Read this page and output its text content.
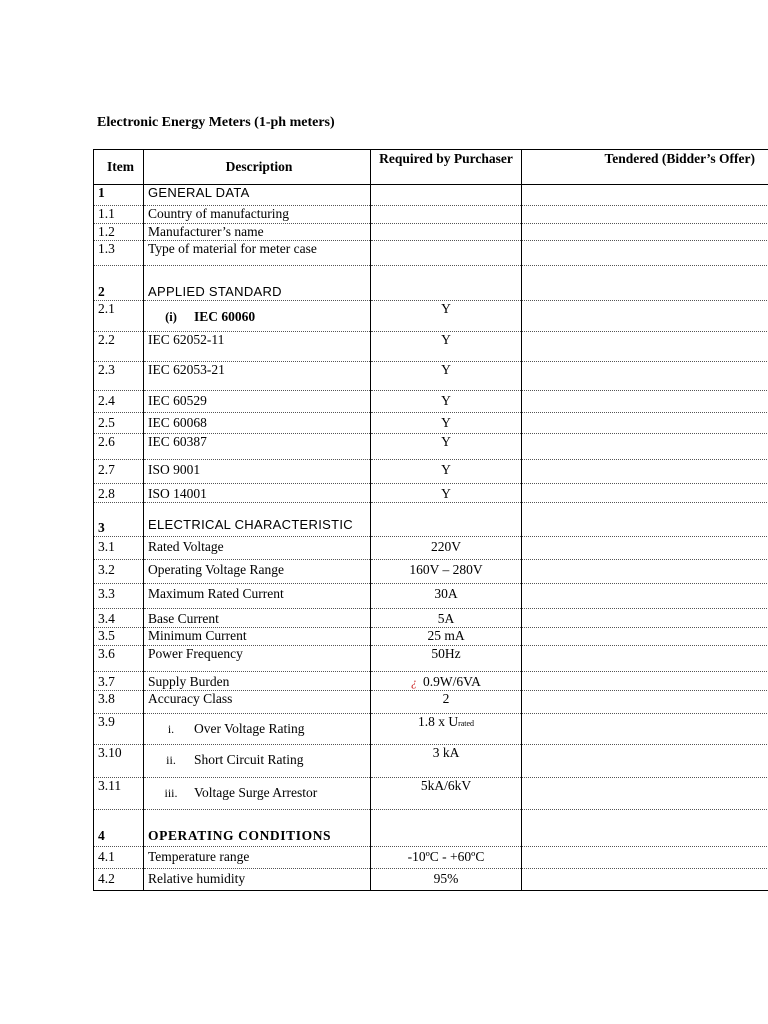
Electronic Energy Meters (1-ph meters)
Item	Description	Required by Purchaser	Tendered (Bidder’s Offer)
1	GENERAL DATA		
1.1	Country of manufacturing		
1.2	Manufacturer’s name		
1.3	Type of material for meter case		
2	APPLIED STANDARD		
2.1	(i) IEC 60060	Y	
2.2	IEC 62052-11	Y	
2.3	IEC 62053-21	Y	
2.4	IEC 60529	Y	
2.5	IEC 60068	Y	
2.6	IEC 60387	Y	
2.7	ISO 9001	Y	
2.8	ISO 14001	Y	
3	ELECTRICAL CHARACTERISTIC		
3.1	Rated Voltage	220V	
3.2	Operating Voltage Range	160V – 280V	
3.3	Maximum Rated Current	30A	
3.4	Base Current	5A	
3.5	Minimum Current	25 mA	
3.6	Power Frequency	50Hz	
3.7	Supply Burden	¿ 0.9W/6VA	
3.8	Accuracy Class	2	
3.9	i. Over Voltage Rating	1.8 x Urated	
3.10	ii. Short Circuit Rating	3 kA	
3.11	iii. Voltage Surge Arrestor	5kA/6kV	
4	OPERATING CONDITIONS		
4.1	Temperature range	-10ºC - +60ºC	
4.2	Relative humidity	95%	
